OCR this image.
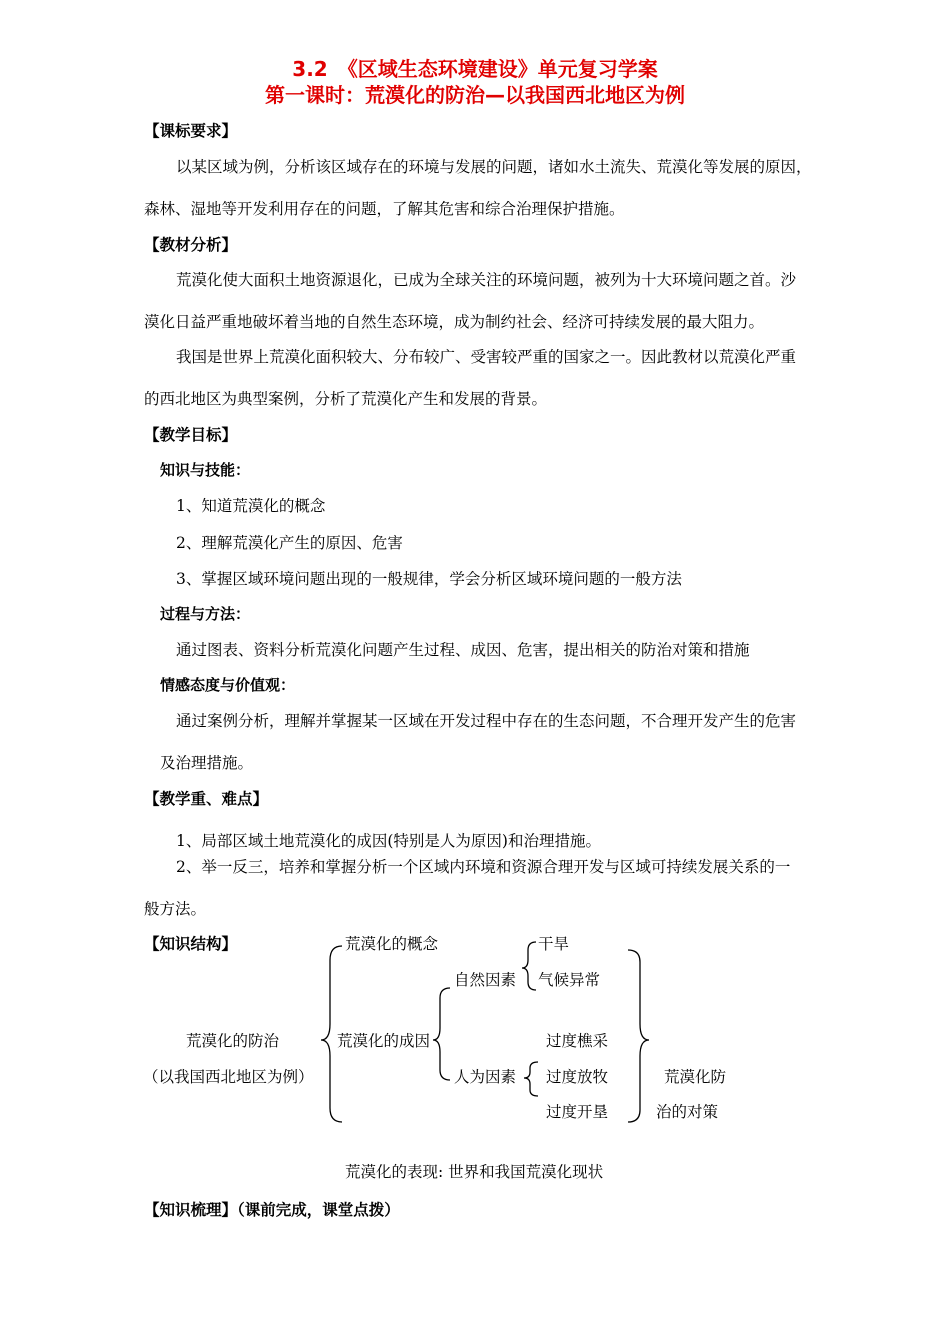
3.2　《区域生态环境建设》单元复习学案
第一课时：荒漠化的防治—以我国西北地区为例
【课标要求】
以某区域为例，分析该区域存在的环境与发展的问题，诸如水土流失、荒漠化等发展的原因，
森林、湿地等开发利用存在的问题，了解其危害和综合治理保护措施。
【教材分析】
荒漠化使大面积土地资源退化，已成为全球关注的环境问题，被列为十大环境问题之首。沙
漠化日益严重地破坏着当地的自然生态环境，成为制约社会、经济可持续发展的最大阻力。
我国是世界上荒漠化面积较大、分布较广、受害较严重的国家之一。因此教材以荒漠化严重
的西北地区为典型案例，分析了荒漠化产生和发展的背景。
【教学目标】
知识与技能：
1、知道荒漠化的概念
2、理解荒漠化产生的原因、危害
3、掌握区域环境问题出现的一般规律，学会分析区域环境问题的一般方法
过程与方法：
通过图表、资料分析荒漠化问题产生过程、成因、危害，提出相关的防治对策和措施
情感态度与价值观：
通过案例分析，理解并掌握某一区域在开发过程中存在的生态问题，不合理开发产生的危害
及治理措施。
【教学重、难点】
1、局部区域土地荒漠化的成因(特别是人为原因)和治理措施。
2、举一反三，培养和掌握分析一个区域内环境和资源合理开发与区域可持续发展关系的一
般方法。
【知识结构】
荒漠化的防治
（以我国西北地区为例）
荒漠化的概念
荒漠化的成因
自然因素
干旱
气候异常
人为因素
过度樵采
过度放牧
过度开垦
荒漠化防
治的对策
荒漠化的表现: 世界和我国荒漠化现状
【知识梳理】（课前完成，课堂点拨）
